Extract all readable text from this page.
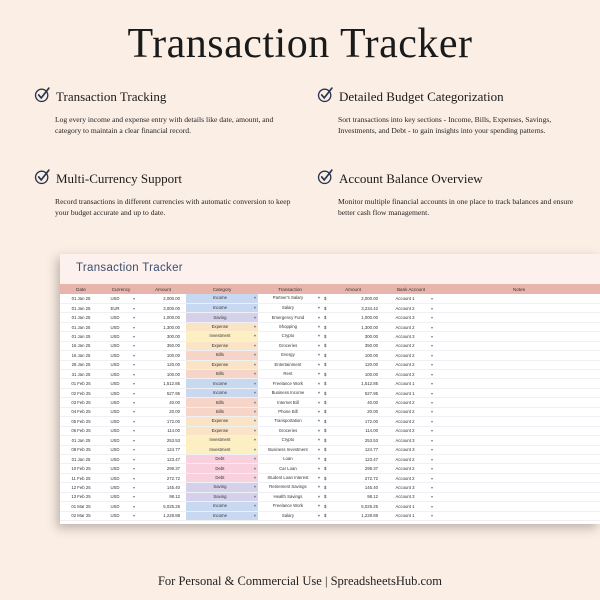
Transaction Tracker
Transaction Tracking
Log every income and expense entry with details like date, amount, and category to maintain a clear financial record.
Detailed Budget Categorization
Sort transactions into key sections - Income, Bills, Expenses, Savings, Investments, and Debt - to gain insights into your spending patterns.
Multi-Currency Support
Record transactions in different currencies with automatic conversion to keep your budget accurate and up to date.
Account Balance Overview
Monitor multiple financial accounts in one place to track balances and ensure better cash flow management.
Transaction Tracker
Date	Currency		Amount	Category	Transaction	Amount			Bank Account		Notes
01 Jan 25	USD	▾	2,000.00	Income ▾	Partner's Salary ▾	$		2,000.00	Account 1	▾	
01 Jan 25	EUR	▾	3,000.00	Income ▾	Salary ▾	$		3,234.42	Account 2	▾	
01 Jan 25	USD	▾	1,000.00	Saving ▾	Emergency Fund ▾	$		1,000.00	Account 3	▾	
01 Jan 25	USD	▾	1,300.00	Expense ▾	Shopping ▾	$		1,300.00	Account 2	▾	
01 Jan 25	USD	▾	300.00	Investment ▾	Crypto ▾	$		300.00	Account 3	▾	
16 Jan 25	USD	▾	350.00	Expense ▾	Groceries ▾	$		350.00	Account 2	▾	
16 Jan 25	USD	▾	100.00	Bills ▾	Energy ▾	$		100.00	Account 2	▾	
28 Jan 25	USD	▾	120.00	Expense ▾	Entertainment ▾	$		120.00	Account 2	▾	
31 Jan 25	USD	▾	100.00	Bills ▾	Rent ▾	$		100.00	Account 2	▾	
01 Feb 25	USD	▾	1,512.85	Income ▾	Freelance Work ▾	$		1,512.85	Account 1	▾	
02 Feb 25	USD	▾	527.95	Income ▾	Business Income ▾	$		527.95	Account 1	▾	
03 Feb 25	USD	▾	40.00	Bills ▾	Internet Bill ▾	$		40.00	Account 2	▾	
04 Feb 25	USD	▾	20.00	Bills ▾	Phone Bill ▾	$		20.00	Account 2	▾	
05 Feb 25	USD	▾	172.00	Expense ▾	Transportation ▾	$		172.00	Account 2	▾	
06 Feb 25	USD	▾	114.00	Expense ▾	Groceries ▾	$		114.00	Account 2	▾	
01 Jan 25	USD	▾	253.53	Investment ▾	Crypto ▾	$		253.53	Account 3	▾	
08 Feb 25	USD	▾	124.77	Investment ▾	Business Investment ▾	$		124.77	Account 3	▾	
01 Jan 25	USD	▾	123.47	Debt ▾	Loan ▾	$		123.47	Account 2	▾	
10 Feb 25	USD	▾	299.37	Debt ▾	Car Loan ▾	$		299.37	Account 2	▾	
11 Feb 25	USD	▾	272.72	Debt ▾	Student Loan Interest ▾	$		272.72	Account 2	▾	
12 Feb 25	USD	▾	145.40	Saving ▾	Retirement Savings ▾	$		145.40	Account 3	▾	
13 Feb 25	USD	▾	98.12	Saving ▾	Health Savings ▾	$		98.12	Account 3	▾	
01 Mar 25	USD	▾	5,025.25	Income ▾	Freelance Work ▾	$		5,025.25	Account 1	▾	
02 Mar 25	USD	▾	1,228.88	Income ▾	Salary ▾	$		1,228.88	Account 1	▾	
For Personal & Commercial Use | SpreadsheetsHub.com
